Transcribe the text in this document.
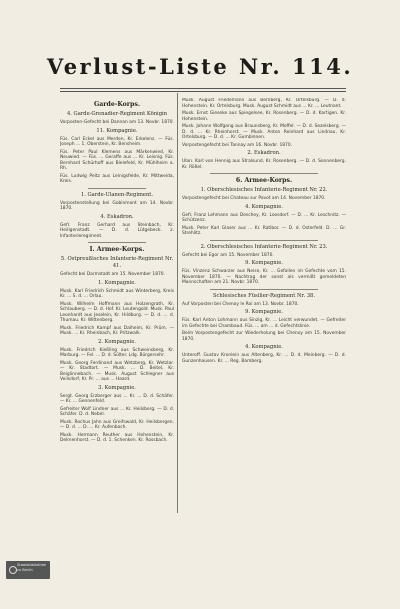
Verlust-Liste Nr. 114.
Garde-Korps.
4. Garde-Grenadier-Regiment Königin

Vorposten-Gefecht bei Dannan am 13. Novbr. 1870.

11. Kompagnie.

Füs. Carl Eckel aus Merden, Kr. Erkelenz. — Füs. Joseph ... 1. Oberstein, Kr. Bensheim.

Füs. Peter Paul Klemens aus Märkenwied, Kr. Neuwied. — Füs. ... Geraffe aus ... Kr. Leisnig. Füs. Bernhard Schürhoff aus Bielefeld, Kr. Mühlheim a. Rh.

Füs. Ludwig Peitz aus Leinigsfelde, Kr. Mittweida, Kreis.

1. Garde-Ulanen-Regiment.

Vorpostenstellung bei Gobinmont am 14. Novbr. 1870.

4. Eskadron.

Gefr. Franz Gerhard aus Steinbach, Kr. Heiligenstadt. — D. d. Lütgebeck. z. Infanterieregiment.

I. Armee-Korps.
5. Ostpreußisches Infanterie-Regiment Nr. 41.

Gefecht bei Darmstadt am 15. November 1870.

1. Kompagnie.

Musk. Karl Friedrich Schmidt aus Winterberg, Kreis Kr. ... S. d. ... Orlau.

Musk. Wilhelm Hoffmann aus Holzengrath, Kr. Schlauberg. — D. d. Hof. Kr. Leutengold. Musk. Paul Leonhardt aus Jeselein, Kr. Hildburg. — D. d. ... d. Thumau. Kr. Wittenberg.

Musk. Friedrich Kampf aus Dalheim, Kr. Prüm. — Musk. ... Kr. Rheinbach, Kr. Pritzwalk.

2. Kompagnie.

Musk. Friedrich Kießling aus Schweinsberg, Kr. Marburg. — Fel. ... D. d. Sülter. Ldg. Bürgersehr.

Musk. Georg Ferdinand aus Wetzberg, Kr. Wetzlar. — Kr. Stadtort. — Musk. ... D. Beitel, Kr. Beiglinnebach. — Musk. August Schlegner aus Veilsdorf, Kr. Pr. ... aus ... Haard.

3. Kompagnie.

Sergt. Georg Erzberger aus ... Kr. ... D. d. Schäfer. — Kr. ... Gennenfeld.

Gefreiter Wolf Lindner aus ... Kr. Heilsberg. — D. d. Schäfer. D. d. Nebel.

Musk. Rochus Jahn aus Greifswald, Kr. Heilsbergen. — D. d. ... D. ... Kr. Aufenbach.

Musk. Hermann Reuther aus Hohenstein, Kr. Delmenhorst. — D. d. 1. Schenken. Kr. Rossbach.

Musk. August Friedemann aus Bernberg, Kr. Ortelsburg. — D. d. Hohenstein. Kr. Ortelsburg. Musk. August Schmidt aus ... Kr. ... Leutnant.

Musk. Ernst Gieseke aus Spiegelsee, Kr. Rosenberg. — D. d. Kartigen. Kr. Hohenstein.

Musk. Johann Wolfgang aus Braunsberg, Kr. Moffel. — D. d. Sezelsberg. — D. d. ... Kr. Rheinhorst. — Musk. Anton Reinhard aus Lindnau, Kr. Ortelsburg. — D. d. ... Kr. Gumbinnen.

Vorpostengefecht bei Tannay am 16. Novbr. 1870.

2. Eskadron.

Ulan. Karl von Hennig aus Stralsund, Kr. Rosenberg. — D. d. Sonnenberg. Kr. Rößel.

6. Armee-Korps.
1. Oberschlesisches Infanterie-Regiment Nr. 22.

Vorpostengefecht bei Chateau sur Pavot am 14. November 1870.

4. Kompagnie.

Gefr. Franz Lehmann aus Deschey, Kr. Loosdorf. — D. ... Kr. Leschnitz. — Schützenz.

Musk. Peter Karl Glaser aus ... Kr. Ratibor. — D. d. Osterfeld. D. ... Gr. Strehlitz.

2. Oberschlesisches Infanterie-Regiment Nr. 23.

Gefecht bei Egor am 15. November 1870.

9. Kompagnie.

Füs. Vinzenz Schwarzer aus Neise, Kr. ... Gefallen im Gefechte vom 15. November 1870. — Nachtrag der sonst als vermißt gemeldeten Mannschaften am 21. Novbr. 1870.

Schlesisches Füsilier-Regiment Nr. 38.

Auf Vorposten bei Chenoy le Roi am 13. Novbr. 1870.

9. Kompagnie.

Füs. Karl Anton Lohmann aus Sinzig, Kr. ... Leicht verwundet. — Gefreiter im Gefechte bei Chambaud. Füs. ... am ... d. Gefechtslinie.

Beim Vorpostengefecht zur Wiederholung bei Chenoy am 15. November 1870.

4. Kompagnie.

Unteroff. Gustav Kronlein aus Altenberg, Kr. ... D. d. Meinberg. — D. d. Gunzenhausen. Kr. ... Reg. Bamberg.

Staatsbibliothek
zu Berlin
